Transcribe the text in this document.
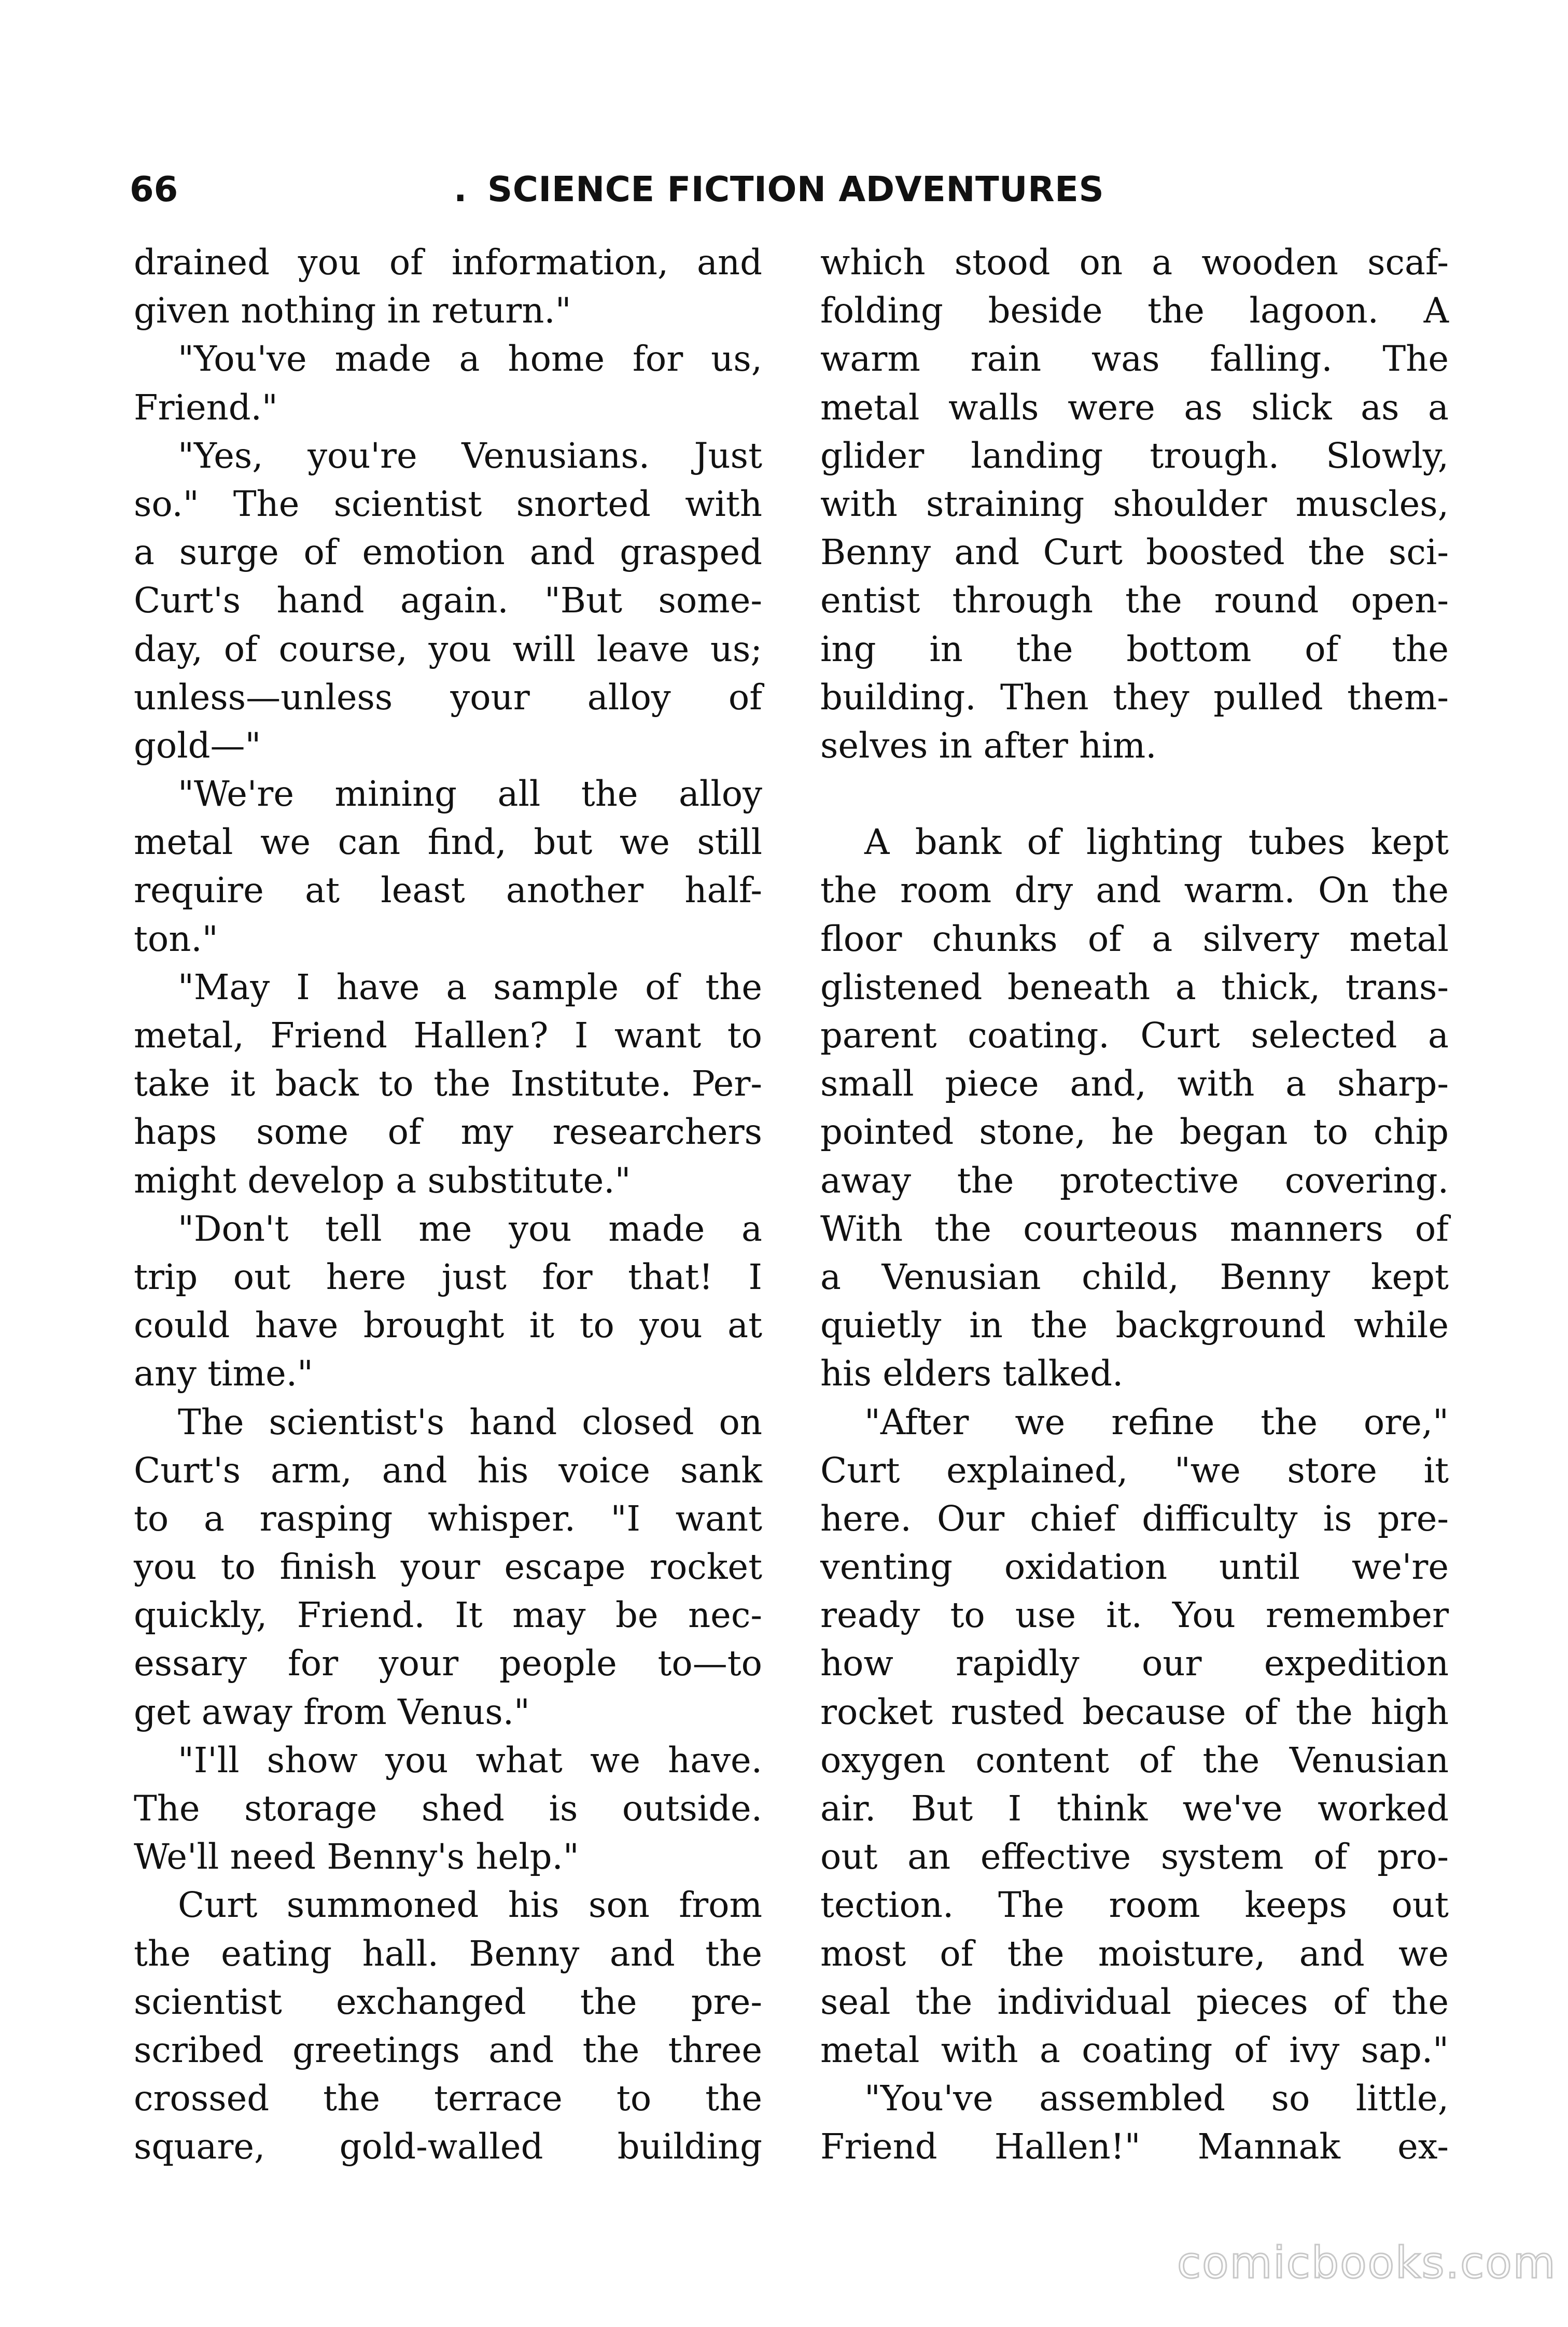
66	. SCIENCE FICTION ADVENTURES
drained you of information, and
given nothing in return."
"You've made a home for us,
Friend."
"Yes, you're Venusians. Just
so." The scientist snorted with
a surge of emotion and grasped
Curt's hand again. "But some-
day, of course, you will leave us;
unless—unless your alloy of
gold—"
"We're mining all the alloy
metal we can find, but we still
require at least another half-
ton."
"May I have a sample of the
metal, Friend Hallen? I want to
take it back to the Institute. Per-
haps some of my researchers
might develop a substitute."
"Don't tell me you made a
trip out here just for that! I
could have brought it to you at
any time."
The scientist's hand closed on
Curt's arm, and his voice sank
to a rasping whisper. "I want
you to finish your escape rocket
quickly, Friend. It may be nec-
essary for your people to—to
get away from Venus."
"I'll show you what we have.
The storage shed is outside.
We'll need Benny's help."
Curt summoned his son from
the eating hall. Benny and the
scientist exchanged the pre-
scribed greetings and the three
crossed the terrace to the
square, gold-walled building
which stood on a wooden scaf-
folding beside the lagoon. A
warm rain was falling. The
metal walls were as slick as a
glider landing trough. Slowly,
with straining shoulder muscles,
Benny and Curt boosted the sci-
entist through the round open-
ing in the bottom of the
building. Then they pulled them-
selves in after him.
A bank of lighting tubes kept
the room dry and warm. On the
floor chunks of a silvery metal
glistened beneath a thick, trans-
parent coating. Curt selected a
small piece and, with a sharp-
pointed stone, he began to chip
away the protective covering.
With the courteous manners of
a Venusian child, Benny kept
quietly in the background while
his elders talked.
"After we refine the ore,"
Curt explained, "we store it
here. Our chief difficulty is pre-
venting oxidation until we're
ready to use it. You remember
how rapidly our expedition
rocket rusted because of the high
oxygen content of the Venusian
air. But I think we've worked
out an effective system of pro-
tection. The room keeps out
most of the moisture, and we
seal the individual pieces of the
metal with a coating of ivy sap."
"You've assembled so little,
Friend Hallen!" Mannak ex-
comicbooks.com
